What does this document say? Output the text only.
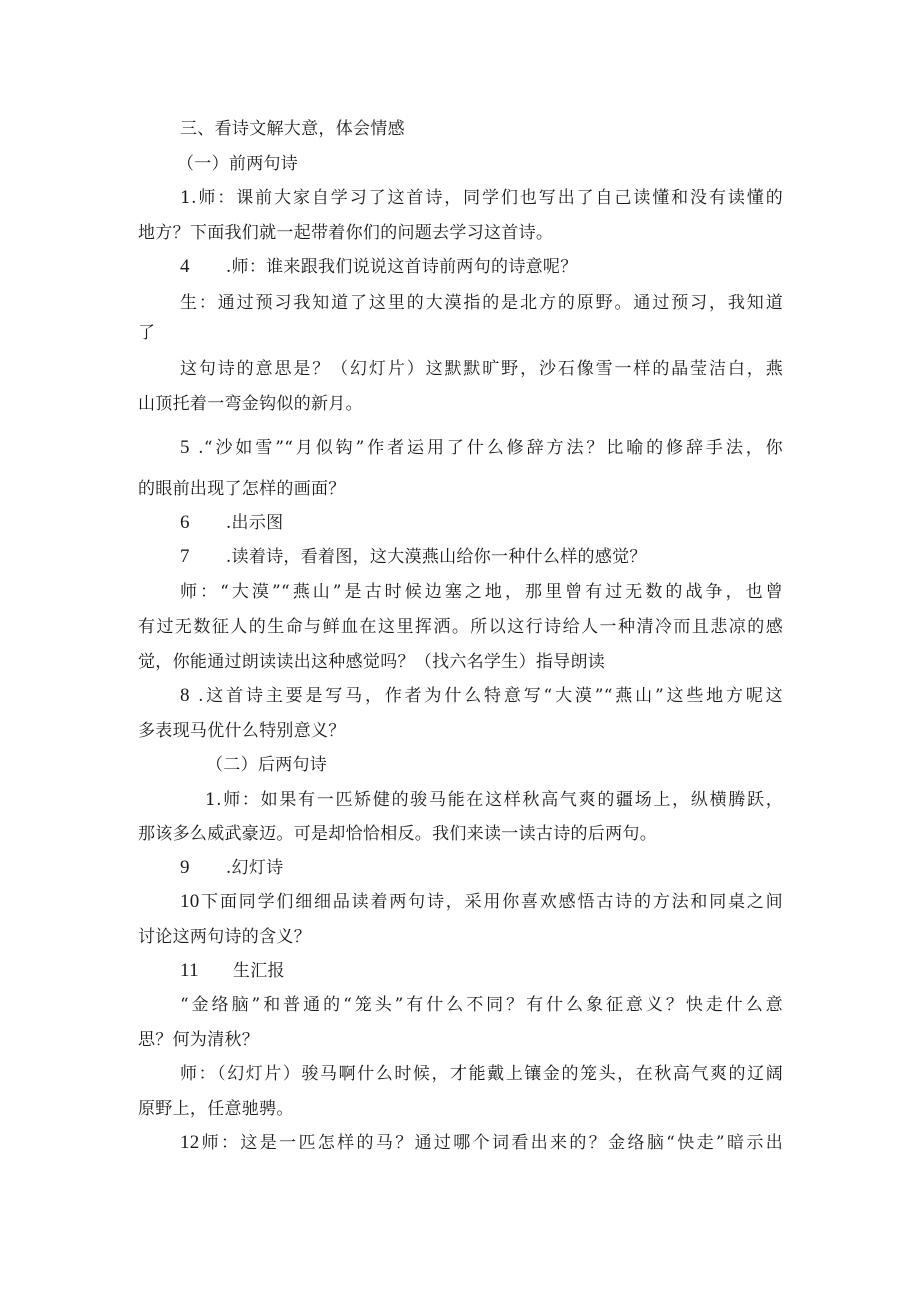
三、看诗文解大意，体会情感
（一）前两句诗
1.师：课前大家自学习了这首诗，同学们也写出了自己读懂和没有读懂的
地方？下面我们就一起带着你们的问题去学习这首诗。
4 .师：谁来跟我们说说这首诗前两句的诗意呢？
生：通过预习我知道了这里的大漠指的是北方的原野。通过预习，我知道
了
这句诗的意思是？（幻灯片）这默默旷野，沙石像雪一样的晶莹洁白，燕
山顶托着一弯金钩似的新月。
5 .“沙如雪”“月似钩”作者运用了什么修辞方法？比喻的修辞手法，你
的眼前出现了怎样的画面？
6 .出示图
7 .读着诗，看着图，这大漠燕山给你一种什么样的感觉？
师：“大漠”“燕山”是古时候边塞之地，那里曾有过无数的战争，也曾
有过无数征人的生命与鲜血在这里挥洒。所以这行诗给人一种清冷而且悲凉的感
觉，你能通过朗读读出这种感觉吗？（找六名学生）指导朗读
8 .这首诗主要是写马，作者为什么特意写“大漠”“燕山”这些地方呢这
多表现马优什么特别意义？
（二）后两句诗
1.师：如果有一匹矫健的骏马能在这样秋高气爽的疆场上，纵横腾跃，
那该多么威武豪迈。可是却恰恰相反。我们来读一读古诗的后两句。
9 .幻灯诗
10下面同学们细细品读着两句诗，采用你喜欢感悟古诗的方法和同桌之间
讨论这两句诗的含义？
11 生汇报
“金络脑”和普通的“笼头”有什么不同？有什么象征意义？快走什么意
思？何为清秋？
师：（幻灯片）骏马啊什么时候，才能戴上镶金的笼头，在秋高气爽的辽阔
原野上，任意驰骋。
12师：这是一匹怎样的马？通过哪个词看出来的？金络脑“快走”暗示出
